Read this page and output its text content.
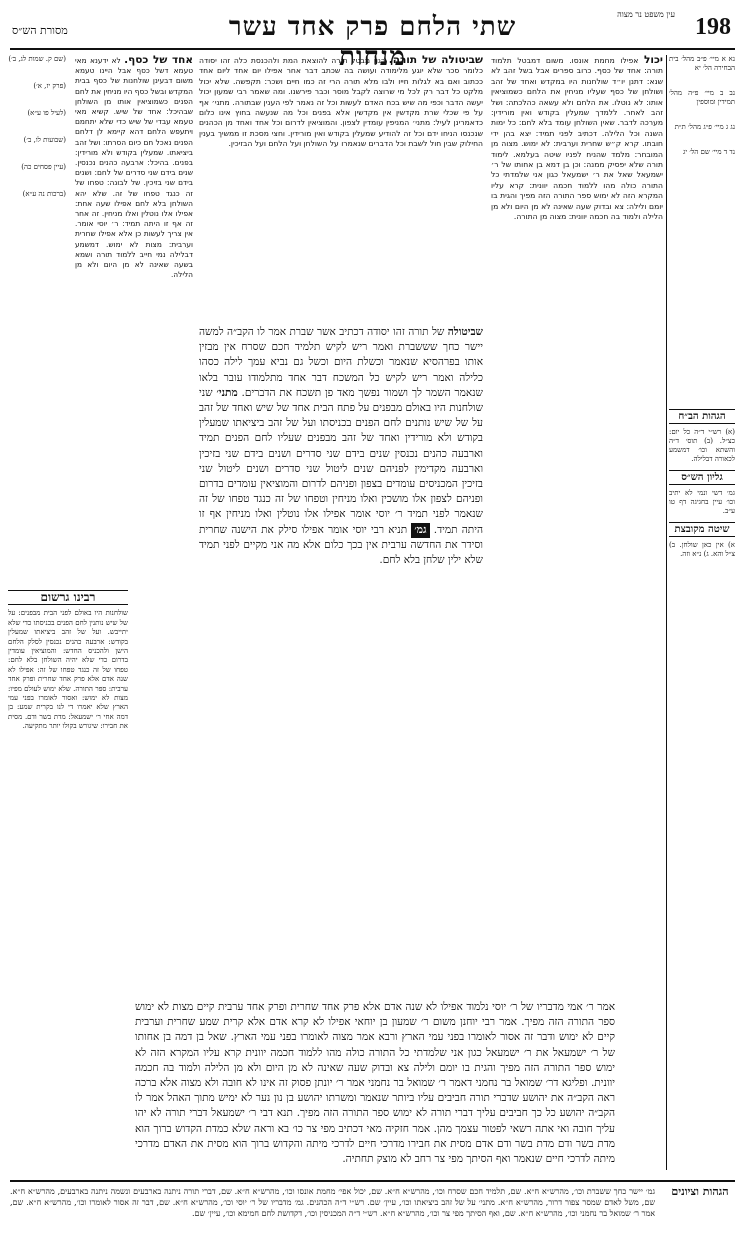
198
שתי הלחם פרק אחד עשר מנחות
עין משפט נר מצוה
מסורת הש״ס
נא א מיי׳ פ״ב מהל׳ בית הבחירה הל׳ יא
נב ב מיי׳ פ״ה מהל׳ תמידין ומוספין
נג ג מיי׳ פ״ג מהל׳ ת״ת
נד ד מיי׳ שם הל׳ יג
הגהות הב״ח
(א) רש״י ד״ה כל יום: כצ״ל. (ב) תוס׳ ד״ה והשתא וכו׳ דמשמע לכאורה דבלילה.
גליון הש״ס
גמ׳ דשי ונמי לא יתיב וכו׳ עיין בחגיגה דף טו ע״ב.
שיטה מקובצת
א) אין כאן שולחן. ב) צ״ל והא. ג) נ״א וזה.

יכול אפילו מחמת אונסו. משום דמבטל תלמוד תורה: אחד של כסף. כרוב ספרים אבל בשל זהב לא שנא: דתנן יו״ד שולחנות היו במקדש ואחד של זהב ושולחן של כסף שעליו מניחין את הלחם כשמוציאין אותו: לא נוטלו. את הלחם ולא עשאה כהלכתה: ושל זהב לאחר. ללמדך שמעלין בקודש ואין מורידין: מערכה לדבר. שאין השולחן עומד בלא לחם: כל ימות השנה וכל הלילה. דכתיב לפני תמיד: יצא בהן ידי חובתו. קרא ק״ש שחרית וערבית: לא ימוש. מצוה מן המובחר: מלמד שהניח לפניו שיטה בעלמא. לימוד תורה שלא יפסיק ממנה: וכן בן דמא בן אחותו של ר׳ ישמעאל שאל את ר׳ ישמעאל כגון אני שלמדתי כל התורה כולה מהו ללמוד חכמה יוונית: קרא עליו המקרא הזה לא ימוש ספר התורה הזה מפיך והגית בו יומם ולילה: צא ובדוק שעה שאינה לא מן היום ולא מן הלילה ולמוד בה חכמה יוונית: מצוה מן התורה.

שביטולה של תורה. כגון מבטל תורה להוצאת המת ולהכנסת כלה זהו יסודה כלומר סכר שלא יוגע מלימודה ועושה בה שכתב דבר אחר אפילו יום אחד ליום אחד ככתוב ואם בא לגלות חייו ולבו מלא תורה הרי זה כמו חיים ושכר: תקפשה. שלא יכול מלקט כל דבר רק לכל מי שרוצה לקבל מוסר וכבר פירשנו. ומה שאמר רבי שמעון יכול יעשה הדבר וכפי מה שיש בכח האדם לעשות וכל זה נאמר לפי הענין שבתורה. מתני׳ אף על פי שכלי שרת מקדשין אין מקדשין אלא בפנים וכל מה שנעשה בחוץ אינו כלום כדאמרינן לעיל: מתני׳ המניפין עומדין לצפון. והמוציאין לדרום וכל אחד ואחד מן הכהנים שנכנסו הניחו ידם וכל זה להודיע שמעלין בקודש ואין מורידין. וחצי מסכת זו ממשיך בענין החילוק שבין חול לשבת וכל הדברים שנאמרו על השולחן ועל הלחם ועל הבזיכין.

שביטולה של תורה זהו יסודה דכתיב אשר שברת אמר לו הקב״ה למשה יישר כחך שששברת ואמר ריש לקיש תלמיד חכם שסרח אין מבזין אותו בפרהסיא שנאמר וכשלת היום וכשל גם נביא עמך לילה כסהו כלילה ואמר ריש לקיש כל המשכח דבר אחד מתלמודו עובר בלאו שנאמר השמר לך ושמור נפשך מאד פן תשכח את הדברים. מתני׳ שני שולחנות היו באולם מבפנים על פתח הבית אחד של שיש ואחד של זהב על של שיש נותנים לחם הפנים בכניסתו ועל של זהב ביציאתו שמעלין בקודש ולא מורידין ואחד של זהב מבפנים שעליו לחם הפנים תמיד וארבעה כהנים נכנסין שנים בידם שני סדרים ושנים בידם שני בזיכין וארבעה מקדימין לפניהם שנים ליטול שני סדרים ושנים ליטול שני בזיכין המכניסים עומדים בצפון ופניהם לדרום והמוציאין עומדים בדרום ופניהם לצפון אלו מושכין ואלו מניחין וטפחו של זה כנגד טפחו של זה שנאמר לפני תמיד ר׳ יוסי אומר אפילו אלו נוטלין ואלו מניחין אף זו היתה תמיד. גמ׳ תניא רבי יוסי אומר אפילו סילק את הישנה שחרית וסידר את החדשה ערבית אין בכך כלום אלא מה אני מקיים לפני תמיד שלא ילין שלחן בלא לחם.

אחד של כסף. לא ידענא מאי טעמא דשל כסף אבל היינו טעמא משום דבעינן שולחנות של כסף בבית המקדש ובשל כסף היו מניחין את לחם הפנים כשמוציאין אותו מן השולחן שבהיכל: אחד של שיש. קשיא מאי טעמא עבדי של שיש כדי שלא יתחמם ויתעפש הלחם דהא קיימא לן דלחם הפנים נאכל חם כיום הסרתו: ושל זהב ביציאתו. שמעלין בקודש ולא מורידין: בפנים. בהיכל: ארבעה כהנים נכנסין. שנים בידם שני סדרים של לחם: ושנים בידם שני בזיכין. של לבונה: טפחו של זה כנגד טפחו של זה. שלא יהא השולחן בלא לחם אפילו שעה אחת: אפילו אלו נוטלין ואלו מניחין. זה אחר זה אף זו היתה תמיד: ר׳ יוסי אומר. אין צריך לעשות כן אלא אפילו שחרית וערבית: מצות לא ימוש. דמשמע דבלילה נמי חייב ללמוד תורה ושמא בשעה שאינה לא מן היום ולא מן הלילה.

(שם ק. שמות לג, ב׳)
(פרק יז, א׳)
(לעיל פו ע״א)
(שבועות לו, ב׳)
(עיין פסחים כה)
(ברכות נה ע״א)
רבינו גרשום
שולחנות היו באולם לפני הבית מבפנים: על של שיש נותנין לחם הפנים בכניסתו כדי שלא יתייבש. ועל של זהב ביציאתו שמעלין בקודש: ארבעה כהנים נכנסין לסלק הלחם הישן ולהכניס החדש: והמוציאין עומדין בדרום כדי שלא יהיה השולחן בלא לחם: טפחו של זה כנגד טפחו של זה: אפילו לא שנה אדם אלא פרק אחד שחרית ופרק אחד ערבית: ספר התורה. שלא ימוש לעולם מפיו: מצות לא ימוש: ואסור לאומרו בפני עמי הארץ שלא יאמרו די לנו בקרית שמע: בן דמה אחי ר׳ ישמעאל: מדת בשר ודם. מסית את חבירו: שיגורש בקולו יותר מתקיעה.

אמר ר׳ אמי מדבריו של ר׳ יוסי נלמוד אפילו לא שנה אדם אלא פרק אחד שחרית ופרק אחד ערבית קיים מצות לא ימוש ספר התורה הזה מפיך. אמר רבי יוחנן משום ר׳ שמעון בן יוחאי אפילו לא קרא אדם אלא קרית שמע שחרית וערבית קיים לא ימוש ודבר זה אסור לאומרו בפני עמי הארץ ורבא אמר מצוה לאומרו בפני עמי הארץ. שאל בן דמה בן אחותו של ר׳ ישמעאל את ר׳ ישמעאל כגון אני שלמדתי כל התורה כולה מהו ללמוד חכמה יוונית קרא עליו המקרא הזה לא ימוש ספר התורה הזה מפיך והגית בו יומם ולילה צא ובדוק שעה שאינה לא מן היום ולא מן הלילה ולמוד בה חכמה יוונית. ופליגא דר׳ שמואל בר נחמני דאמר ר׳ שמואל בר נחמני אמר ר׳ יונתן פסוק זה אינו לא חובה ולא מצוה אלא ברכה ראה הקב״ה את יהושע שדברי תורה חביבים עליו ביותר שנאמר ומשרתו יהושע בן נון נער לא ימיש מתוך האהל אמר לו הקב״ה יהושע כל כך חביבים עליך דברי תורה לא ימוש ספר התורה הזה מפיך. תנא דבי ר׳ ישמעאל דברי תורה לא יהו עליך חובה ואי אתה רשאי לפטור עצמך מהן. אמר חזקיה מאי דכתיב מפי צר כו׳ בא וראה שלא כמדת הקדוש ברוך הוא מדת בשר ודם מדת בשר ודם אדם מסית את חבירו מדרכי חיים לדרכי מיתה והקדוש ברוך הוא מסית את האדם מדרכי מיתה לדרכי חיים שנאמר ואף הסיתך מפי צר רחב לא מוצק תחתיה.

הגהות וציונים
גמ׳ יישר כחך ששברת וכו׳, מהרש״א ח״א. שם, תלמיד חכם שסרח וכו׳, מהרש״א ח״א. שם, יכול אפי׳ מחמת אונסו וכו׳, מהרש״א ח״א. שם, דברי תורה ניתנה בארבעים ונשמה ניתנה בארבעים, מהרש״א ח״א. שם, משל לאדם שמסר צפור דרור, מהרש״א ח״א. מתני׳ על של זהב ביציאתו וכו׳, עיין׳ שם. רש״י ד״ה הכהנים. גמ׳ מדבריו של ר׳ יוסי וכו׳, מהרש״א ח״א. שם, דבר זה אסור לאומרו וכו׳, מהרש״א ח״א. שם, אמר ר׳ שמואל בר נחמני וכו׳, מהרש״א ח״א. שם, ואף הסיתך מפי צר וכו׳, מהרש״א ח״א. רש״י ד״ה המכניסין וכו׳, דקדושת לחם חמימא וכו׳, עיין׳ שם.
